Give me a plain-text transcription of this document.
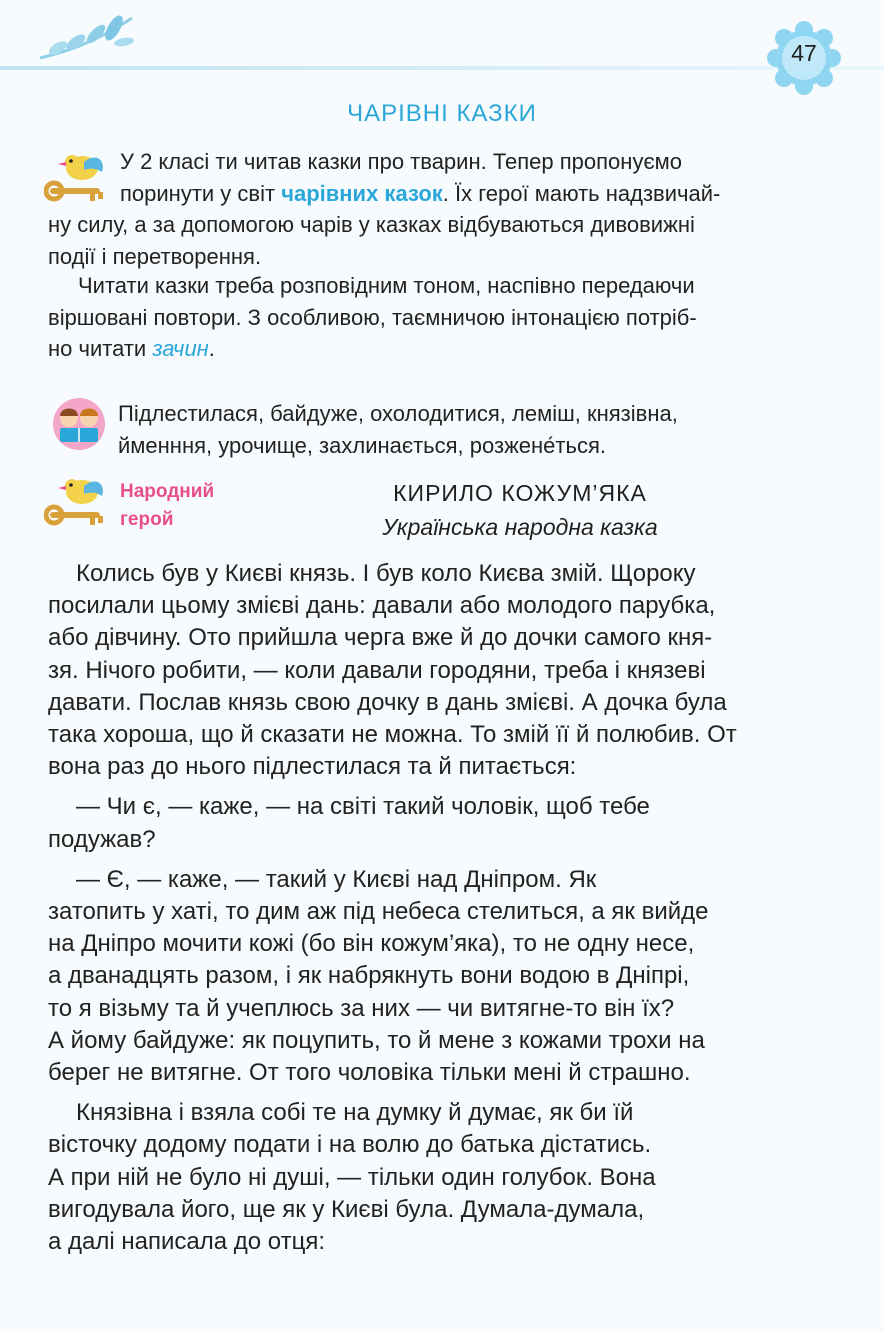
47
ЧАРІВНІ КАЗКИ

У 2 класі ти читав казки про тварин. Тепер пропонуємо
поринути у світ чарівних казок. Їх герої мають надзвичай-
ну силу, а за допомогою чарів у казках відбуваються дивовижні
події і перетворення.

Читати казки треба розповідним тоном, наспівно передаючи
віршовані повтори. З особливою, таємничою інтонацією потріб-
но читати зачин.

Підлестилася, байдуже, охолодитися, леміш, князівна,
йменння, урочище, захлинається, розжене́ться.

Народний
герой
КИРИЛО КОЖУМ’ЯКА
Українська народна казка
Колись був у Києві князь. І був коло Києва змій. Щороку
посилали цьому змієві дань: давали або молодого парубка,
або дівчину. Ото прийшла черга вже й до дочки самого кня-
зя. Нічого робити, — коли давали городяни, треба і князеві
давати. Послав князь свою дочку в дань змієві. А дочка була
така хороша, що й сказати не можна. То змій її й полюбив. От
вона раз до нього підлестилася та й питається:
— Чи є, — каже, — на світі такий чоловік, щоб тебе
подужав?
— Є, — каже, — такий у Києві над Дніпром. Як
затопить у хаті, то дим аж під небеса стелиться, а як вийде
на Дніпро мочити кожі (бо він кожум’яка), то не одну несе,
а дванадцять разом, і як набрякнуть вони водою в Дніпрі,
то я візьму та й учеплюсь за них — чи витягне-то він їх?
А йому байдуже: як поцупить, то й мене з кожами трохи на
берег не витягне. От того чоловіка тільки мені й страшно.
Князівна і взяла собі те на думку й думає, як би їй
вісточку додому подати і на волю до батька дістатись.
А при ній не було ні душі, — тільки один голубок. Вона
вигодувала його, ще як у Києві була. Думала-думала,
а далі написала до отця:
